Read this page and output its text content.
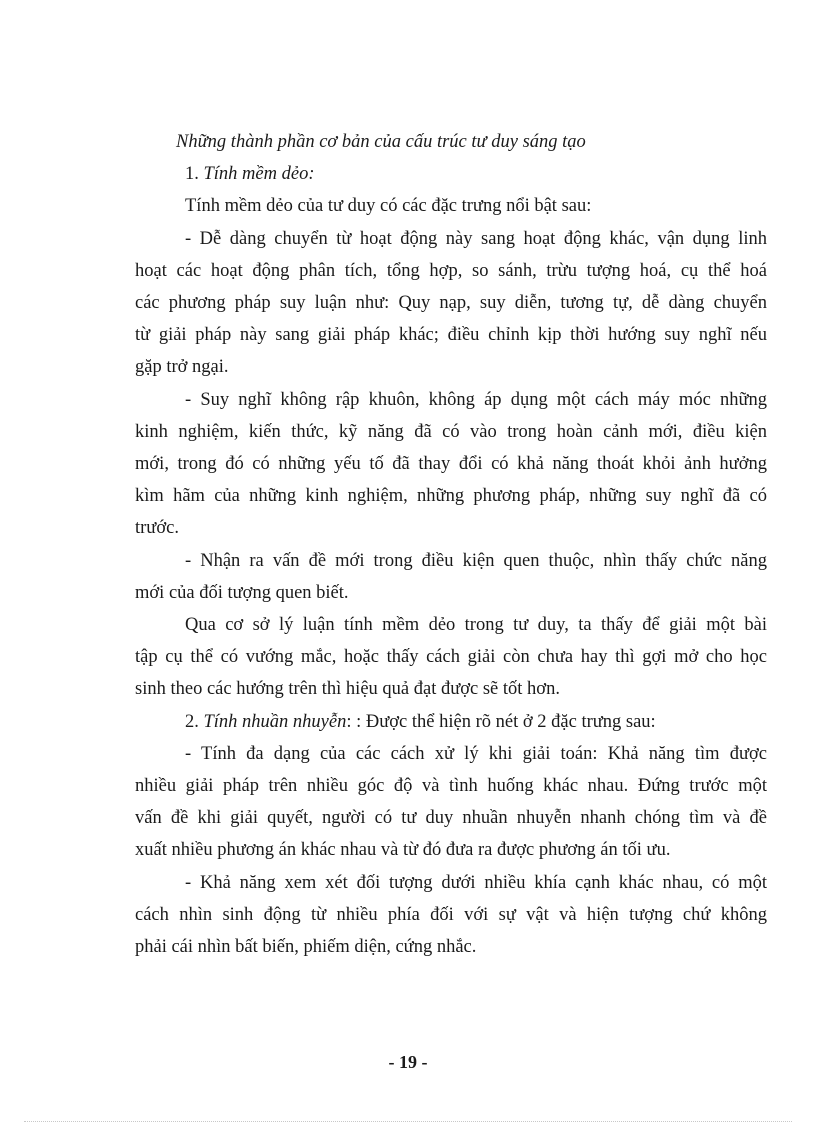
Những thành phần cơ bản của cấu trúc tư duy sáng tạo

1. Tính mềm dẻo:

Tính mềm dẻo của tư duy có các đặc trưng nổi bật sau:

- Dễ dàng chuyển từ hoạt động này sang hoạt động khác, vận dụng linh
hoạt các hoạt động phân tích, tổng hợp, so sánh, trừu tượng hoá, cụ thể hoá
các phương pháp suy luận như: Quy nạp, suy diễn, tương tự, dễ dàng chuyển
từ giải pháp này sang giải pháp khác; điều chỉnh kịp thời hướng suy nghĩ nếu

gặp trở ngại.

- Suy nghĩ không rập khuôn, không áp dụng một cách máy móc những
kinh nghiệm, kiến thức, kỹ năng đã có vào trong hoàn cảnh mới, điều kiện
mới, trong đó có những yếu tố đã thay đổi có khả năng thoát khỏi ảnh hưởng
kìm hãm của những kinh nghiệm, những phương pháp, những suy nghĩ đã có

trước.

- Nhận ra vấn đề mới trong điều kiện quen thuộc, nhìn thấy chức năng

mới của đối tượng quen biết.

Qua cơ sở lý luận tính mềm dẻo trong tư duy, ta thấy để giải một bài
tập cụ thể có vướng mắc, hoặc thấy cách giải còn chưa hay thì gợi mở cho học

sinh theo các hướng trên thì hiệu quả đạt được sẽ tốt hơn.

2. Tính nhuần nhuyễn: : Được thể hiện rõ nét ở 2 đặc trưng sau:

- Tính đa dạng của các cách xử lý khi giải toán: Khả năng tìm được
nhiều giải pháp trên nhiều góc độ và tình huống khác nhau. Đứng trước một
vấn đề khi giải quyết, người có tư duy nhuần nhuyễn nhanh chóng tìm và đề

xuất nhiều phương án khác nhau và từ đó đưa ra được phương án tối ưu.

- Khả năng xem xét đối tượng dưới nhiều khía cạnh khác nhau, có một
cách nhìn sinh động từ nhiều phía đối với sự vật và hiện tượng chứ không

phải cái nhìn bất biến, phiếm diện, cứng nhắc.

- 19 -
